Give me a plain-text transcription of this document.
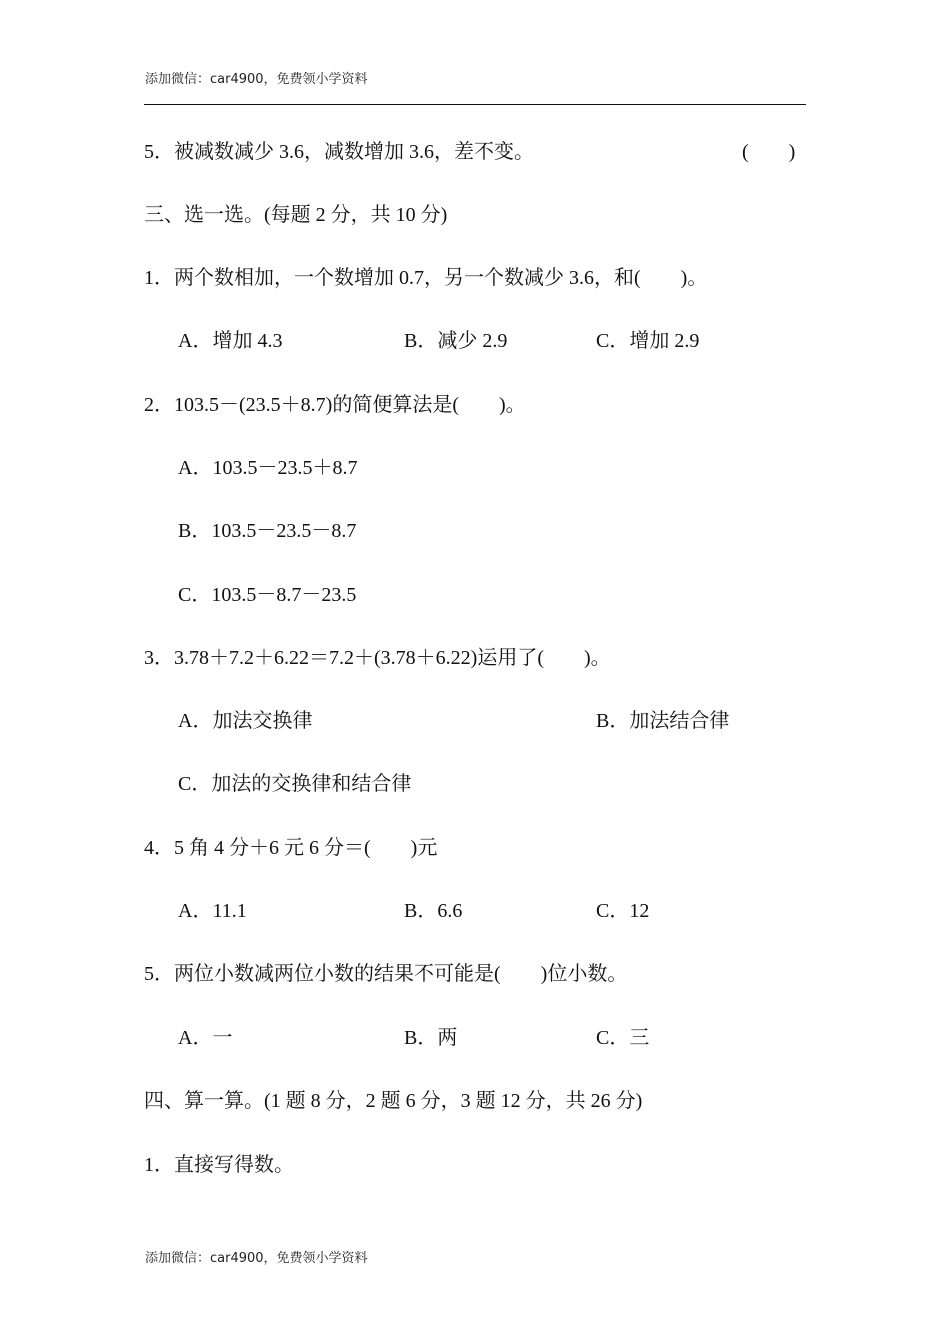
添加微信：car4900，免费领小学资料
5．被减数减少 3.6，减数增加 3.6，差不变。	(　　)
三、选一选。(每题 2 分，共 10 分)
1．两个数相加，一个数增加 0.7，另一个数减少 3.6，和(　　)。
A．增加 4.3	B．减少 2.9	C．增加 2.9
2．103.5－(23.5＋8.7)的简便算法是(　　)。
A．103.5－23.5＋8.7
B．103.5－23.5－8.7
C．103.5－8.7－23.5
3．3.78＋7.2＋6.22＝7.2＋(3.78＋6.22)运用了(　　)。
A．加法交换律	B．加法结合律
C．加法的交换律和结合律
4．5 角 4 分＋6 元 6 分＝(　　)元
A．11.1	B．6.6	C．12
5．两位小数减两位小数的结果不可能是(　　)位小数。
A．一	B．两	C．三
四、算一算。(1 题 8 分，2 题 6 分，3 题 12 分，共 26 分)
1．直接写得数。
添加微信：car4900，免费领小学资料
